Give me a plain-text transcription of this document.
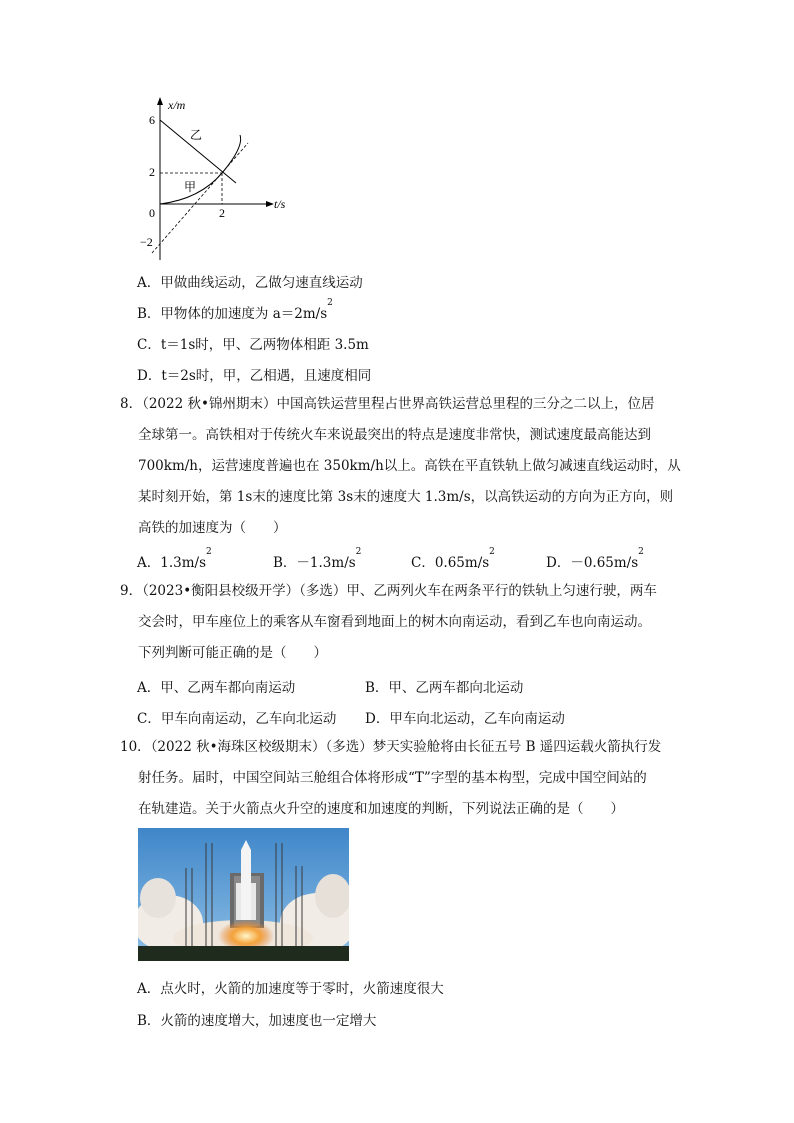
x/m
t/s
6
2
0
−2
2
乙
甲
A．甲做曲线运动，乙做匀速直线运动
B．甲物体的加速度为 $a=2m/s^2$
C．t＝1s时，甲、乙两物体相距 3.5m
D．t＝2s时，甲，乙相遇，且速度相同
8．（2022 秋•锦州期末）中国高铁运营里程占世界高铁运营总里程的三分之二以上，位居
全球第一。高铁相对于传统火车来说最突出的特点是速度非常快，测试速度最高能达到
700km/h，运营速度普遍也在 350km/h以上。高铁在平直铁轨上做匀减速直线运动时，从
某时刻开始，第 1s末的速度比第 3s末的速度大 1.3m/s，以高铁运动的方向为正方向，则
高铁的加速度为（　　）
A．$1.3m/s^2$
B．$-1.3m/s^2$
C．$0.65m/s^2$
D．$-0.65m/s^2$
9．（2023•衡阳县校级开学）（多选）甲、乙两列火车在两条平行的铁轨上匀速行驶，两车
交会时，甲车座位上的乘客从车窗看到地面上的树木向南运动，看到乙车也向南运动。
下列判断可能正确的是（　　）
A．甲、乙两车都向南运动	B．甲、乙两车都向北运动
C．甲车向南运动，乙车向北运动 D．甲车向北运动，乙车向南运动
10．（2022 秋•海珠区校级期末）（多选）梦天实验舱将由长征五号 B 遥四运载火箭执行发
射任务。届时，中国空间站三舱组合体将形成“T”字型的基本构型，完成中国空间站的
在轨建造。关于火箭点火升空的速度和加速度的判断，下列说法正确的是（　　）
A．点火时，火箭的加速度等于零时，火箭速度很大
B．火箭的速度增大，加速度也一定增大
